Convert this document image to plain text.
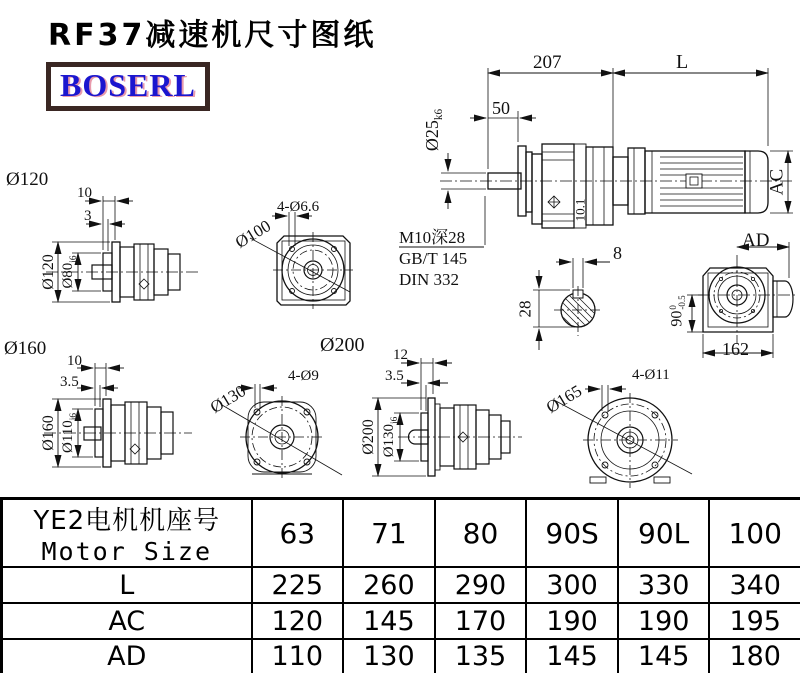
RF37减速机尺寸图纸
BOSERL
207	L
50
$Ø25_{k6}$
AC
10.1
M10深28
GB/T 145
DIN 332
8
28
AD
90
0 -0.5
162
Ø120
10
3
Ø120 $Ø80_{j6}$
4-Ø6.6
Ø100
Ø160
10
3.5
Ø160 $Ø110_{j6}$
Ø200
4-Ø9
Ø130
12
3.5
Ø200 $Ø130_{j6}$
4-Ø11
Ø165
YE2电机机座号
Motor Size	63	71	80	90S	90L	100
L	225	260	290	300	330	340
AC	120	145	170	190	190	195
AD	110	130	135	145	145	180
